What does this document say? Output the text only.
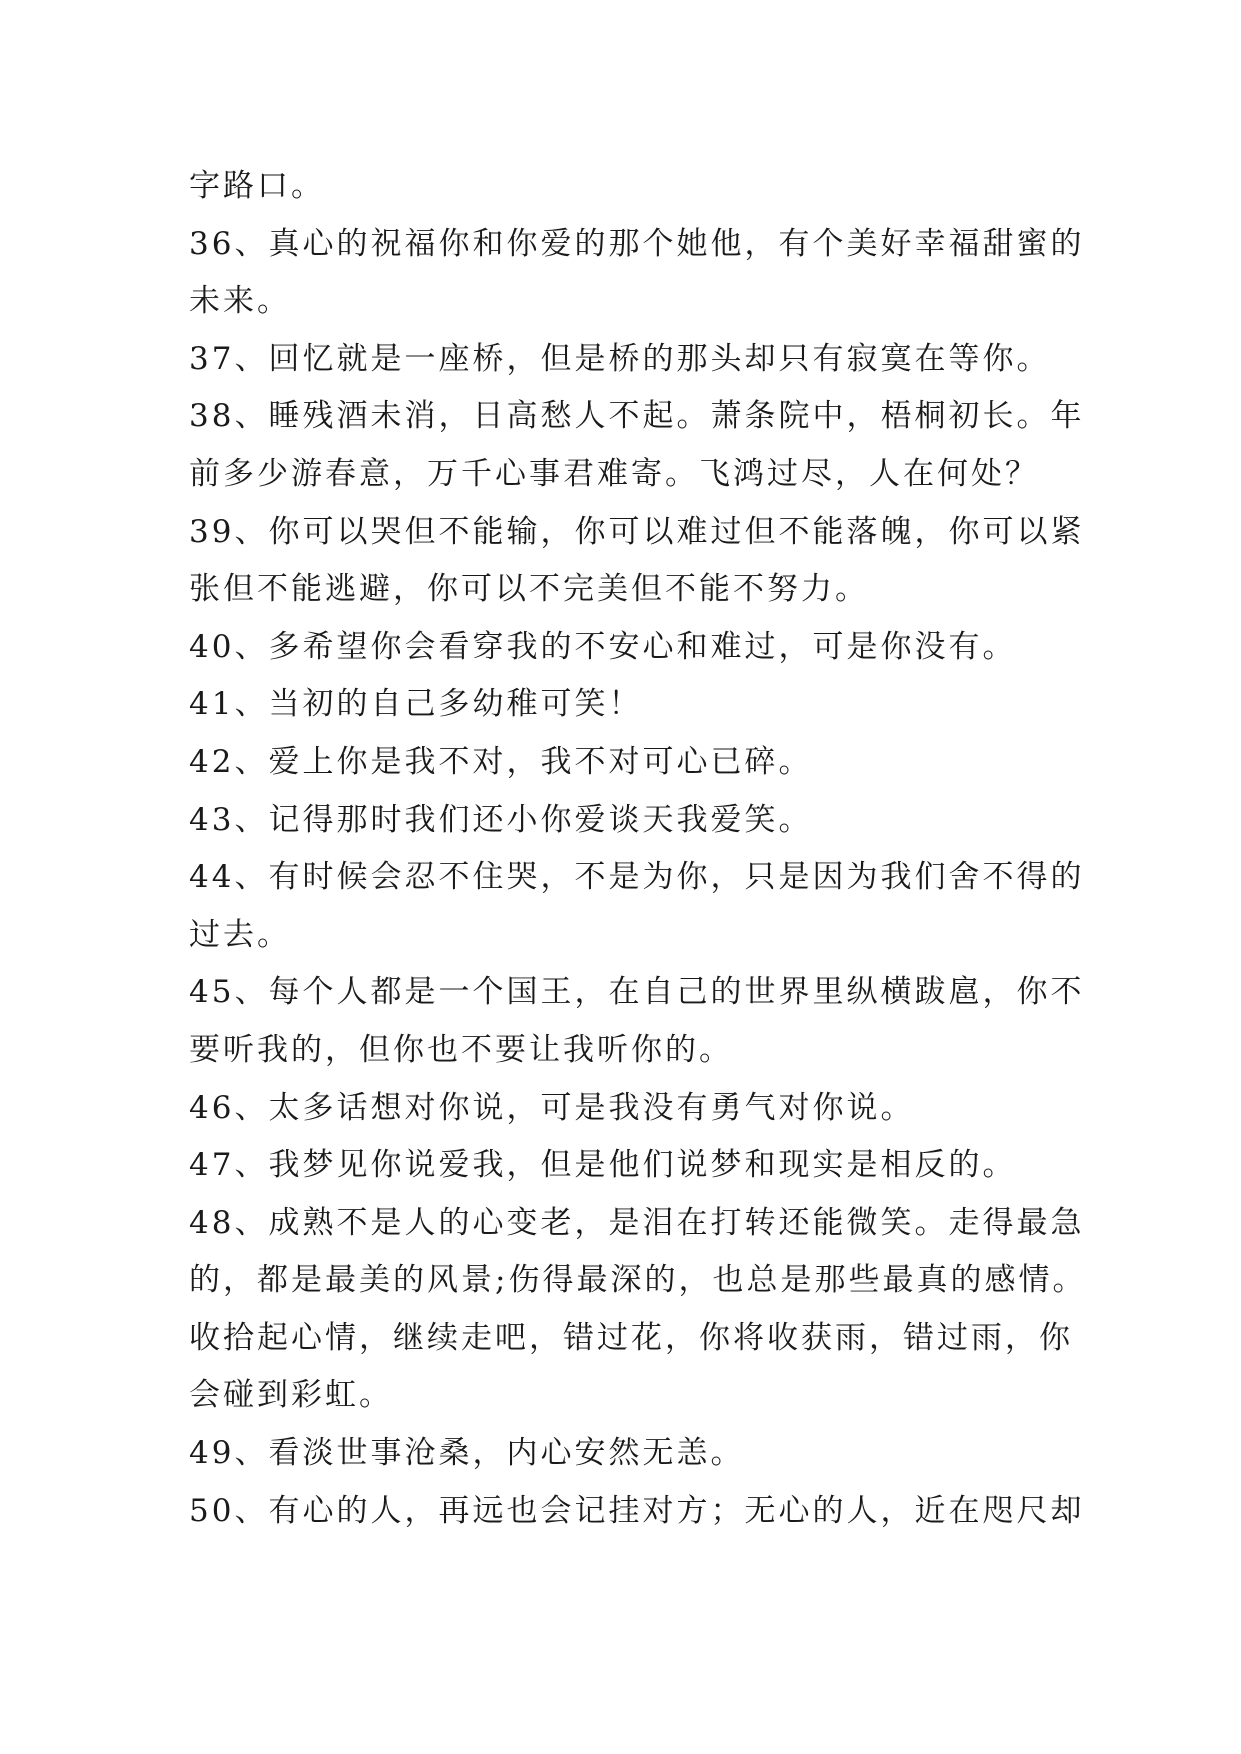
字路口。
36、真心的祝福你和你爱的那个她他，有个美好幸福甜蜜的
未来。
37、回忆就是一座桥，但是桥的那头却只有寂寞在等你。
38、睡残酒未消，日高愁人不起。萧条院中，梧桐初长。年
前多少游春意，万千心事君难寄。飞鸿过尽，人在何处？
39、你可以哭但不能输，你可以难过但不能落魄，你可以紧
张但不能逃避，你可以不完美但不能不努力。
40、多希望你会看穿我的不安心和难过，可是你没有。
41、当初的自己多幼稚可笑！
42、爱上你是我不对，我不对可心已碎。
43、记得那时我们还小你爱谈天我爱笑。
44、有时候会忍不住哭，不是为你，只是因为我们舍不得的
过去。
45、每个人都是一个国王，在自己的世界里纵横跋扈，你不
要听我的，但你也不要让我听你的。
46、太多话想对你说，可是我没有勇气对你说。
47、我梦见你说爱我，但是他们说梦和现实是相反的。
48、成熟不是人的心变老，是泪在打转还能微笑。走得最急
的，都是最美的风景;伤得最深的，也总是那些最真的感情。
收拾起心情，继续走吧，错过花，你将收获雨，错过雨，你
会碰到彩虹。
49、看淡世事沧桑，内心安然无恙。
50、有心的人，再远也会记挂对方；无心的人，近在咫尺却
